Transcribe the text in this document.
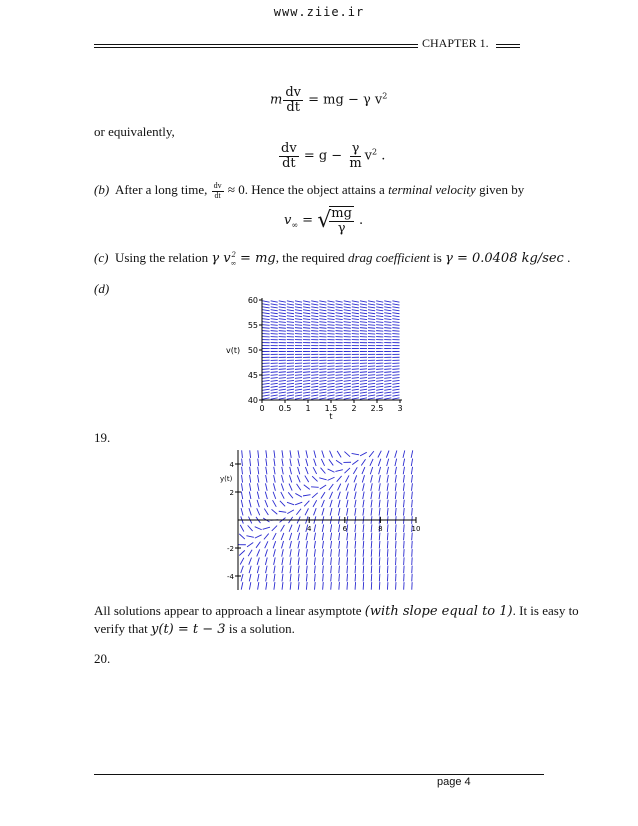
www.ziie.ir
CHAPTER 1.
m $\frac{dv}{dt}$ = mg − γ $v^2$
or equivalently,
$\frac{dv}{dt} = g - \frac{\gamma}{m} v^2$ .
(b) After a long time, $\frac{dv}{dt} \approx 0$. Hence the object attains a terminal velocity given by
$v_\infty$ = √
$\frac{mg}{\gamma}$ .
(c) Using the relation γ $v_\infty^2$ = mg, the required drag coefficient is γ = 0.0408 kg/sec .
(d)
60
55
50
45
40
0 0.5 1 1.5 2 2.5 3
v(t)
t
19.
4
2
-2
-4
4	6	8	10
y(t)
All solutions appear to approach a linear asymptote (with slope equal to 1). It is easy to
verify that y(t) = t − 3 is a solution.
20.
page 4
